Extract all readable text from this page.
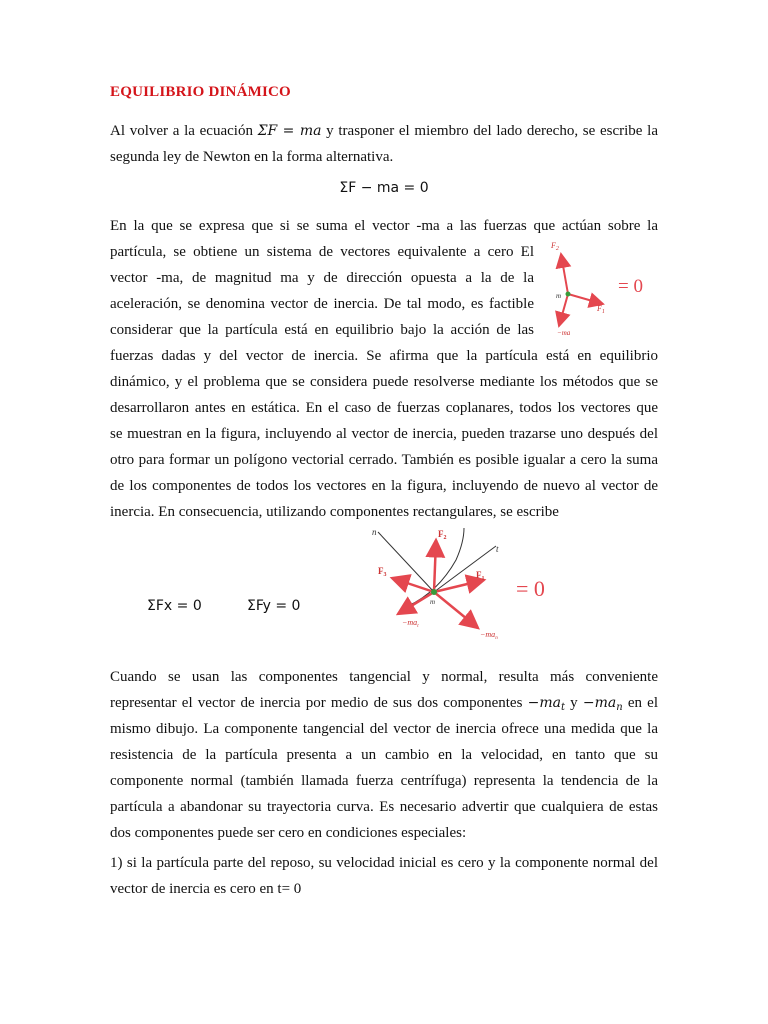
EQUILIBRIO DINÁMICO
Al volver a la ecuación ΣF = ma y trasponer el miembro del lado derecho, se escribe la
segunda ley de Newton en la forma alternativa.
ΣF − ma = 0
En la que se expresa que si se suma el vector -ma a las fuerzas que actúan sobre la
partícula, se obtiene un sistema de vectores equivalente a cero El
vector -ma, de magnitud ma y de dirección opuesta a la de la
aceleración, se denomina vector de inercia. De tal modo, es factible
considerar que la partícula está en equilibrio bajo la acción de las
fuerzas dadas y del vector de inercia. Se afirma que la partícula está en equilibrio
dinámico, y el problema que se considera puede resolverse mediante los métodos que se
desarrollaron antes en estática. En el caso de fuerzas coplanares, todos los vectores que
se muestran en la figura, incluyendo al vector de inercia, pueden trazarse uno después del
otro para formar un polígono vectorial cerrado. También es posible igualar a cero la suma
de los componentes de todos los vectores en la figura, incluyendo de nuevo al vector de
inercia. En consecuencia, utilizando componentes rectangulares, se escribe
$F_2$
$F_1$
m
−ma
= 0
ΣFx = 0	ΣFy = 0
n
t
$F_2$
$F_3$	$F_1$
m
$-ma_t$
$-ma_n$
= 0
Cuando se usan las componentes tangencial y normal, resulta más conveniente
representar el vector de inercia por medio de sus dos componentes $-ma_t$ $y -ma_n$ en el
mismo dibujo. La componente tangencial del vector de inercia ofrece una medida que la
resistencia de la partícula presenta a un cambio en la velocidad, en tanto que su
componente normal (también llamada fuerza centrífuga) representa la tendencia de la
partícula a abandonar su trayectoria curva. Es necesario advertir que cualquiera de estas
dos componentes puede ser cero en condiciones especiales:
1) si la partícula parte del reposo, su velocidad inicial es cero y la componente normal del
vector de inercia es cero en t= 0
